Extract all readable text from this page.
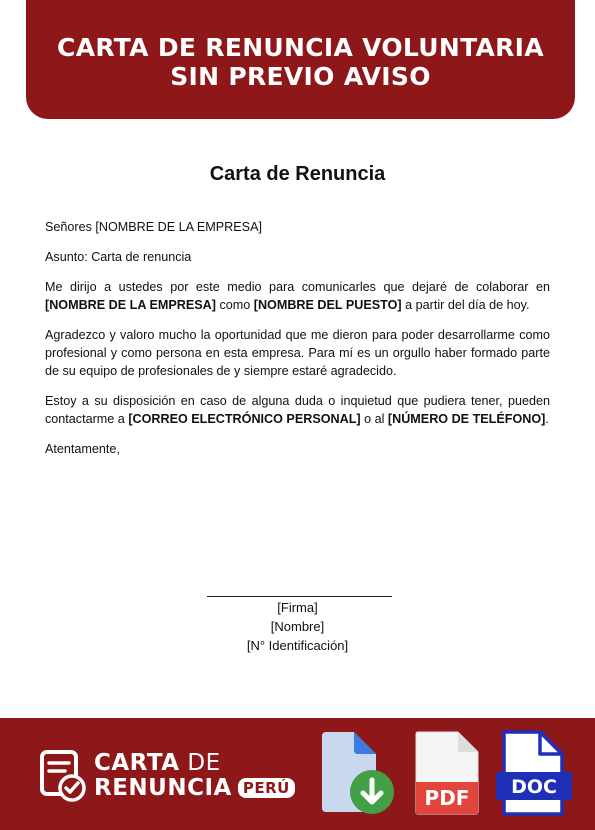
CARTA DE RENUNCIA VOLUNTARIA
SIN PREVIO AVISO
Carta de Renuncia

Señores [NOMBRE DE LA EMPRESA]

Asunto: Carta de renuncia

Me dirijo a ustedes por este medio para comunicarles que dejaré de colaborar en [NOMBRE DE LA EMPRESA] como [NOMBRE DEL PUESTO] a partir del día de hoy.

Agradezco y valoro mucho la oportunidad que me dieron para poder desarrollarme como profesional y como persona en esta empresa. Para mí es un orgullo haber formado parte de su equipo de profesionales de y siempre estaré agradecido.

Estoy a su disposición en caso de alguna duda o inquietud que pudiera tener, pueden contactarme a [CORREO ELECTRÓNICO PERSONAL] o al [NÚMERO DE TELÉFONO].

Atentamente,

[Firma]
[Nombre]
[N° Identificación]
CARTA DE
RENUNCIA PERÚ	PDF DOC
